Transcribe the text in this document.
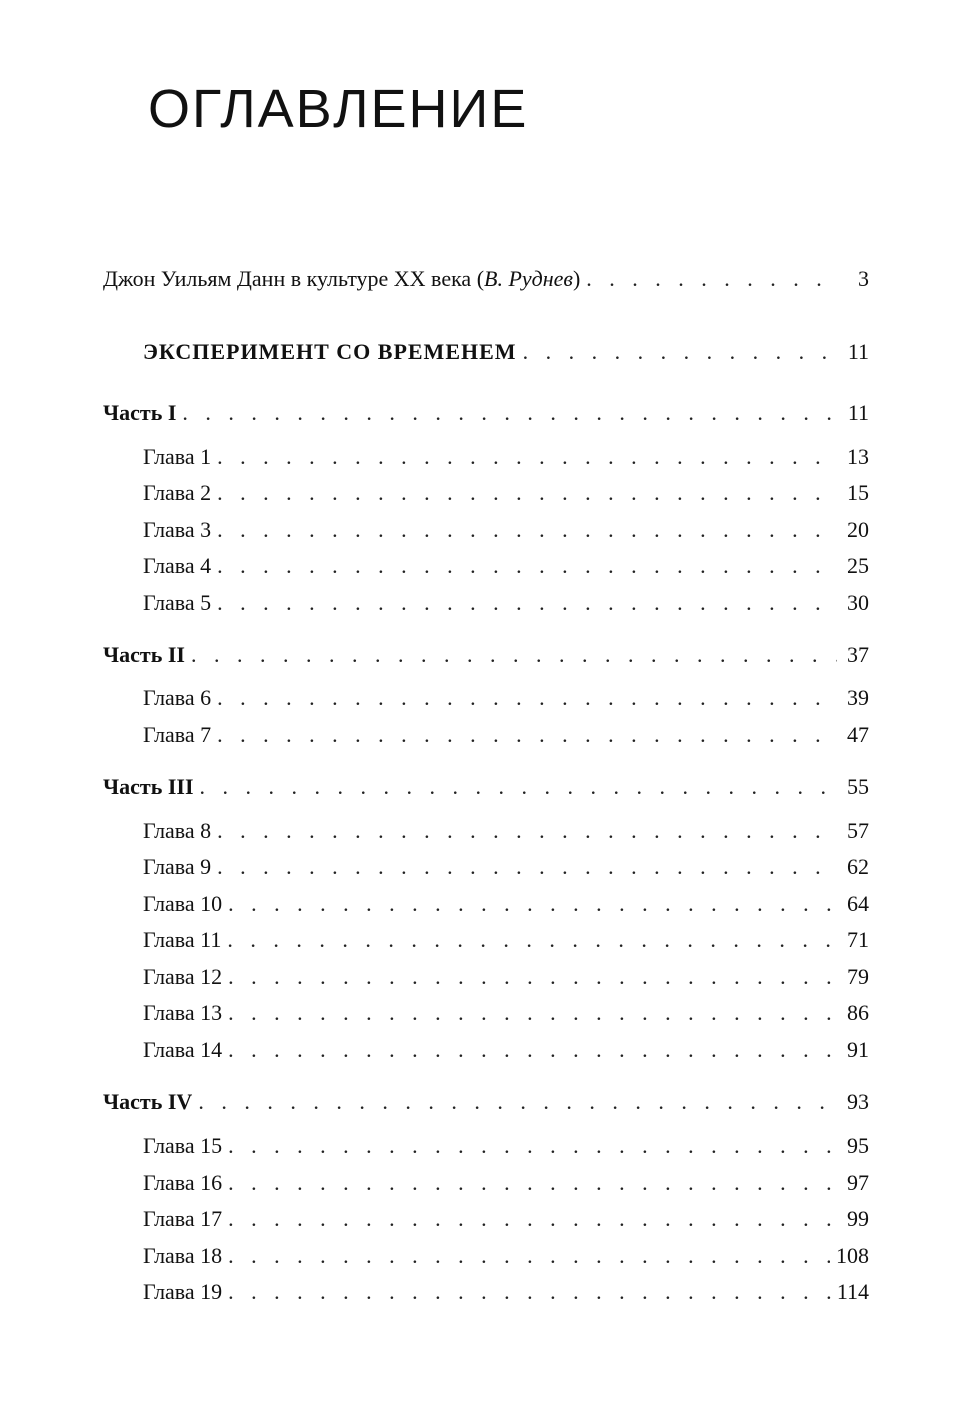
ОГЛАВЛЕНИЕ
Джон Уильям Данн в культуре XX века (В. Руднев) . . .	3
ЭКСПЕРИМЕНТ СО ВРЕМЕНЕМ . . .	11
Часть I . . .	11
Глава 1 . . .	13
Глава 2 . . .	15
Глава 3 . . .	20
Глава 4 . . .	25
Глава 5 . . .	30
Часть II . . .	37
Глава 6 . . .	39
Глава 7 . . .	47
Часть III . . .	55
Глава 8 . . .	57
Глава 9 . . .	62
Глава 10 . . .	64
Глава 11 . . .	71
Глава 12 . . .	79
Глава 13 . . .	86
Глава 14 . . .	91
Часть IV . . .	93
Глава 15 . . .	95
Глава 16 . . .	97
Глава 17 . . .	99
Глава 18 . . .	108
Глава 19 . . .	114
